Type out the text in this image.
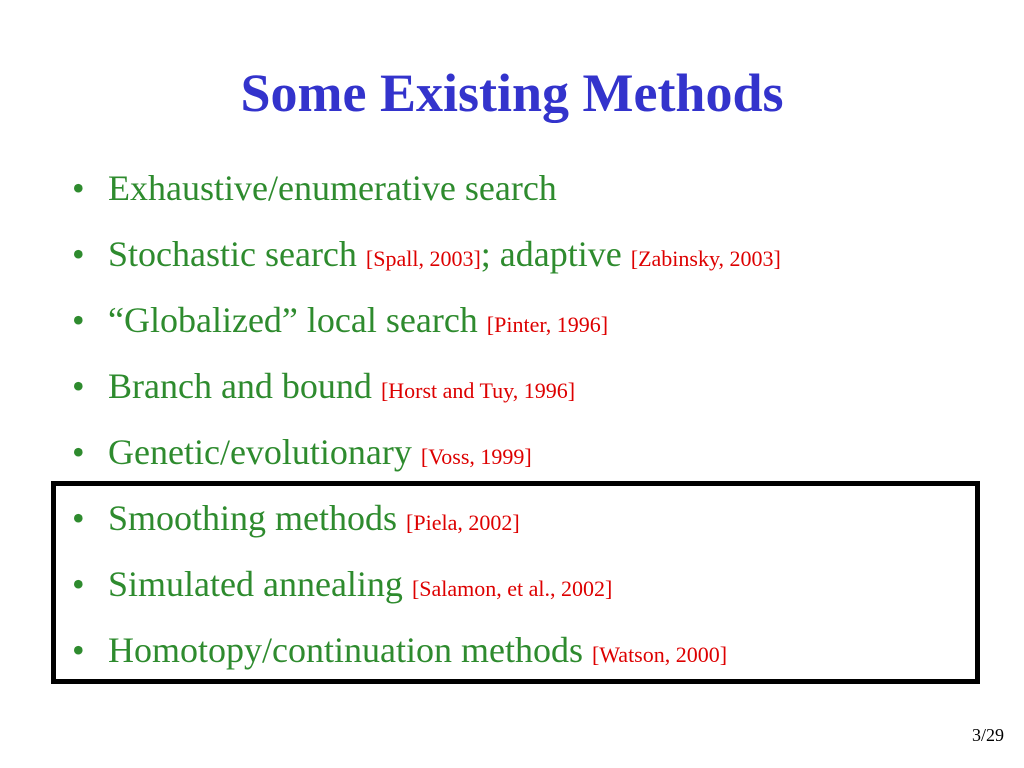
Some Existing Methods
• Exhaustive/enumerative search
• Stochastic search [Spall, 2003]; adaptive [Zabinsky, 2003]
• “Globalized” local search [Pinter, 1996]
• Branch and bound [Horst and Tuy, 1996]
• Genetic/evolutionary [Voss, 1999]
• Smoothing methods [Piela, 2002]
• Simulated annealing [Salamon, et al., 2002]
• Homotopy/continuation methods [Watson, 2000]
3/29
